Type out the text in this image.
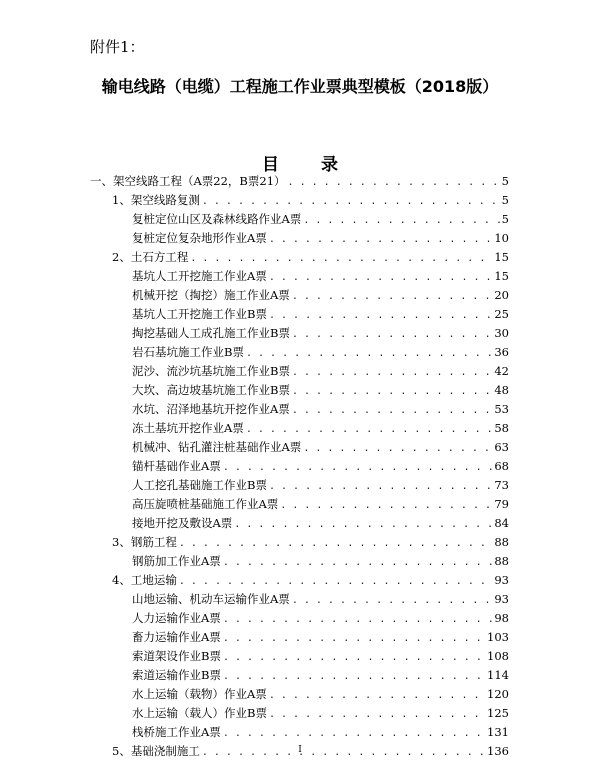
附件1：
输电线路（电缆）工程施工作业票典型模板（2018版）
目 录
一、架空线路工程（A票22，B票21） . . .	5
1、架空线路复测 . . .	5
复桩定位山区及森林线路作业A票 . . .	5
复桩定位复杂地形作业A票 . . .	10
2、土石方工程 . . .	15
基坑人工开挖施工作业A票 . . .	15
机械开挖（掏挖）施工作业A票 . . .	20
基坑人工开挖施工作业B票 . . .	25
掏挖基础人工成孔施工作业B票 . . .	30
岩石基坑施工作业B票 . . .	36
泥沙、流沙坑基坑施工作业B票 . . .	42
大坎、高边坡基坑施工作业B票 . . .	48
水坑、沼泽地基坑开挖作业A票 . . .	53
冻土基坑开挖作业A票 . . .	58
机械冲、钻孔灌注桩基础作业A票 . . .	63
锚杆基础作业A票 . . .	68
人工挖孔基础施工作业B票 . . .	73
高压旋喷桩基础施工作业A票 . . .	79
接地开挖及敷设A票 . . .	84
3、钢筋工程 . . .	88
钢筋加工作业A票 . . .	88
4、工地运输 . . .	93
山地运输、机动车运输作业A票 . . .	93
人力运输作业A票 . . .	98
畜力运输作业A票 . . .	103
索道架设作业B票 . . .	108
索道运输作业B票 . . .	114
水上运输（载物）作业A票 . . .	120
水上运输（载人）作业B票 . . .	125
栈桥施工作业A票 . . .	131
5、基础浇制施工 . . .	136
I
